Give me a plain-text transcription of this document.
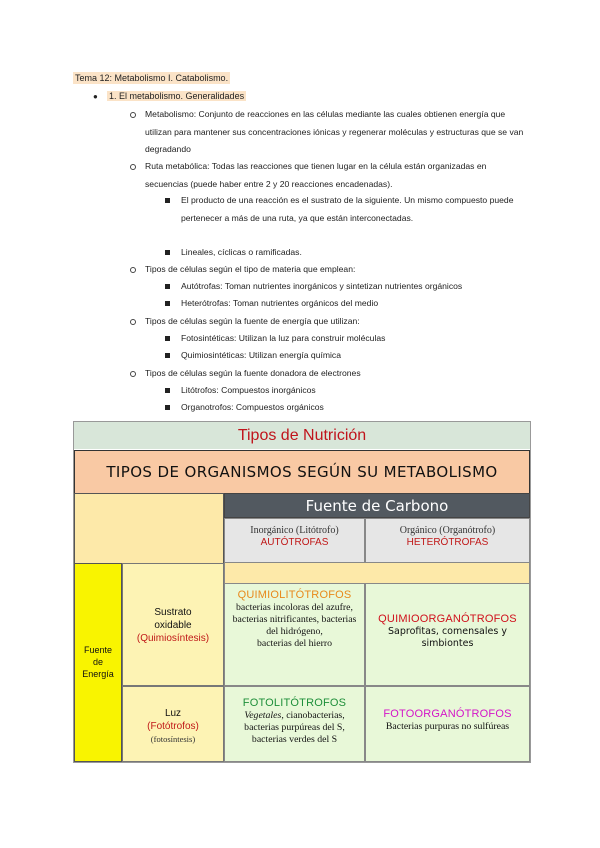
Tema 12: Metabolismo I. Catabolismo.
● 1. El metabolismo. Generalidades
Metabolismo: Conjunto de reacciones en las células mediante las cuales obtienen energía que utilizan para mantener sus concentraciones iónicas y regenerar moléculas y estructuras que se van degradando
Ruta metabólica: Todas las reacciones que tienen lugar en la célula están organizadas en secuencias (puede haber entre 2 y 20 reacciones encadenadas).
El producto de una reacción es el sustrato de la siguiente. Un mismo compuesto puede pertenecer a más de una ruta, ya que están interconectadas.
Lineales, cíclicas o ramificadas.
Tipos de células según el tipo de materia que emplean:
Autótrofas: Toman nutrientes inorgánicos y sintetizan nutrientes orgánicos
Heterótrofas: Toman nutrientes orgánicos del medio
Tipos de células según la fuente de energía que utilizan:
Fotosintéticas: Utilizan la luz para construir moléculas
Quimiosintéticas: Utilizan energía química
Tipos de células según la fuente donadora de electrones
Litótrofos: Compuestos inorgánicos
Organotrofos: Compuestos orgánicos
Tipos de Nutrición
TIPOS DE ORGANISMOS SEGÚN SU METABOLISMO
Fuente de Carbono
Inorgánico (Litótrofo)
AUTÓTROFAS
Orgánico (Organótrofo)
HETERÓTROFAS
Fuente
de
Energía
Sustrato
oxidable
(Quimiosíntesis)
Luz
(Fotótrofos)
(fotosíntesis)
QUIMIOLITÓTROFOS
bacterias incoloras del azufre, bacterias nitrificantes, bacterias del hidrógeno,
bacterias del hierro
QUIMIOORGANÓTROFOS
Saprofitas, comensales y simbiontes
FOTOLITÓTROFOS
Vegetales, cianobacterias, bacterias purpúreas del S, bacterias verdes del S
FOTOORGANÓTROFOS
Bacterias purpuras no sulfúreas
